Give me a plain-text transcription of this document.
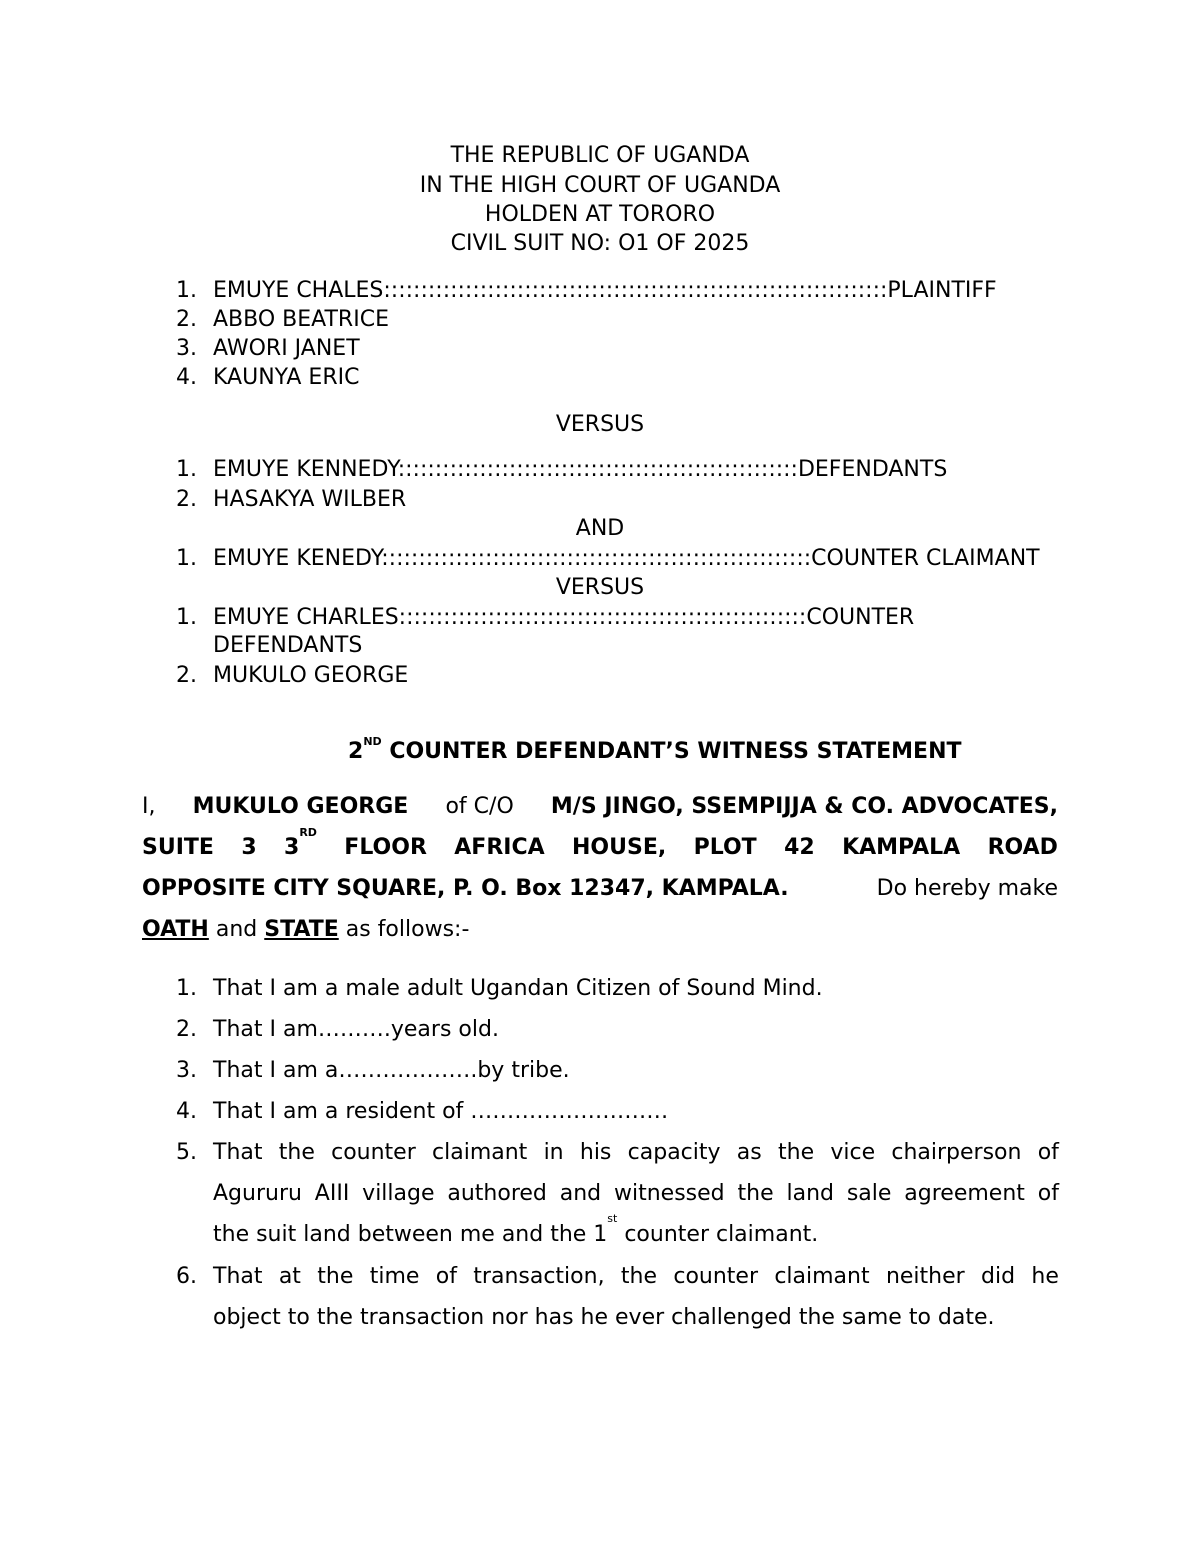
THE REPUBLIC OF UGANDA
IN THE HIGH COURT OF UGANDA
HOLDEN AT TORORO
CIVIL SUIT NO: O1 OF 2025
1. EMUYE CHALES::::::::::::::::::::::::::::::::::::::::::::::::::::::::::::::::::::PLAINTIFF
2. ABBO BEATRICE
3. AWORI JANET
4. KAUNYA ERIC
VERSUS
1. EMUYE KENNEDY::::::::::::::::::::::::::::::::::::::::::::::::::::::DEFENDANTS
2. HASAKYA WILBER
AND
1. EMUYE KENEDY::::::::::::::::::::::::::::::::::::::::::::::::::::::::::COUNTER CLAIMANT
VERSUS
1. EMUYE CHARLES:::::::::::::::::::::::::::::::::::::::::::::::::::::::COUNTER
DEFENDANTS
2. MUKULO GEORGE
2ND COUNTER DEFENDANT’S WITNESS STATEMENT
I, MUKULO GEORGE of C/O M/S JINGO, SSEMPIJJA & CO. ADVOCATES,
SUITE 3 3RD
FLOOR AFRICA HOUSE, PLOT 42 KAMPALA ROAD
OPPOSITE CITY SQUARE, P. O. Box 12347, KAMPALA.	Do hereby make
OATH and STATE as follows:-
1. That I am a male adult Ugandan Citizen of Sound Mind.
2. That I am……….years old.
3. That I am a……………….by tribe.
4. That I am a resident of ………………………
5. That the counter claimant in his capacity as the vice chairperson of
Agururu AIII village authored and witnessed the land sale agreement of
the suit land between me and the 1st counter claimant.
6. That at the time of transaction, the counter claimant neither did he
object to the transaction nor has he ever challenged the same to date.
